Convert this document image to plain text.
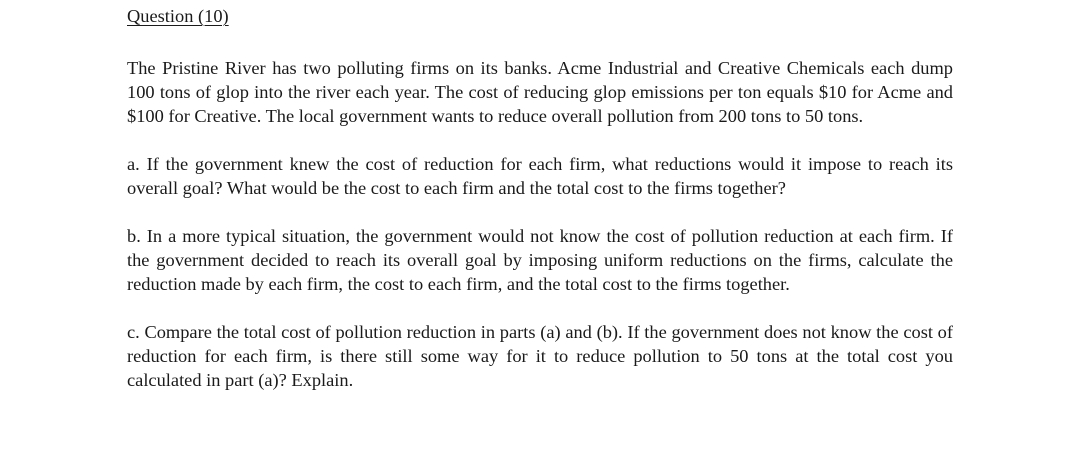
Question (10)

The Pristine River has two polluting firms on its banks. Acme Industrial and Creative Chemicals each dump 100 tons of glop into the river each year. The cost of reducing glop emissions per ton equals $10 for Acme and $100 for Creative. The local government wants to reduce overall pollution from 200 tons to 50 tons.

a. If the government knew the cost of reduction for each firm, what reductions would it impose to reach its overall goal? What would be the cost to each firm and the total cost to the firms together?

b. In a more typical situation, the government would not know the cost of pollution reduction at each firm. If the government decided to reach its overall goal by imposing uniform reductions on the firms, calculate the reduction made by each firm, the cost to each firm, and the total cost to the firms together.

c. Compare the total cost of pollution reduction in parts (a) and (b). If the government does not know the cost of reduction for each firm, is there still some way for it to reduce pollution to 50 tons at the total cost you calculated in part (a)? Explain.
